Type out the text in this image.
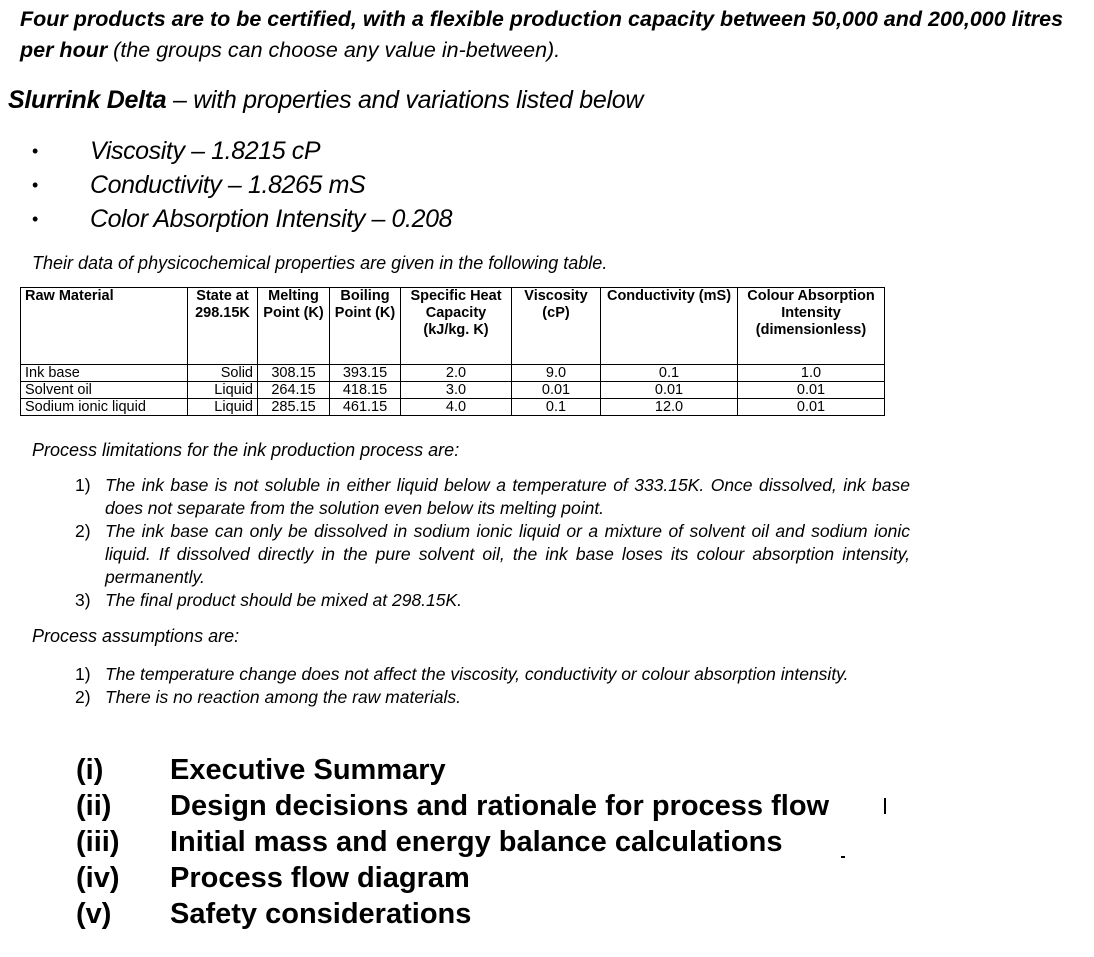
Four products are to be certified, with a flexible production capacity between 50,000 and 200,000 litres per hour (the groups can choose any value in-between).
Slurrink Delta – with properties and variations listed below
•	Viscosity – 1.8215 cP
•	Conductivity – 1.8265 mS
•	Color Absorption Intensity – 0.208
Their data of physicochemical properties are given in the following table.
Raw Material	State at 298.15K	Melting Point (K)	Boiling Point (K)	Specific Heat Capacity (kJ/kg. K)	Viscosity (cP)	Conductivity (mS)	Colour Absorption Intensity (dimensionless)
Ink base	Solid	308.15	393.15	2.0	9.0	0.1	1.0
Solvent oil	Liquid	264.15	418.15	3.0	0.01	0.01	0.01
Sodium ionic liquid	Liquid	285.15	461.15	4.0	0.1	12.0	0.01
Process limitations for the ink production process are:
1) The ink base is not soluble in either liquid below a temperature of 333.15K. Once dissolved, ink base does not separate from the solution even below its melting point.
2) The ink base can only be dissolved in sodium ionic liquid or a mixture of solvent oil and sodium ionic liquid. If dissolved directly in the pure solvent oil, the ink base loses its colour absorption intensity, permanently.
3) The final product should be mixed at 298.15K.
Process assumptions are:
1) The temperature change does not affect the viscosity, conductivity or colour absorption intensity.
2) There is no reaction among the raw materials.
(i)	Executive Summary
(ii)	Design decisions and rationale for process flow
(iii)	Initial mass and energy balance calculations
(iv)	Process flow diagram
(v)	Safety considerations
